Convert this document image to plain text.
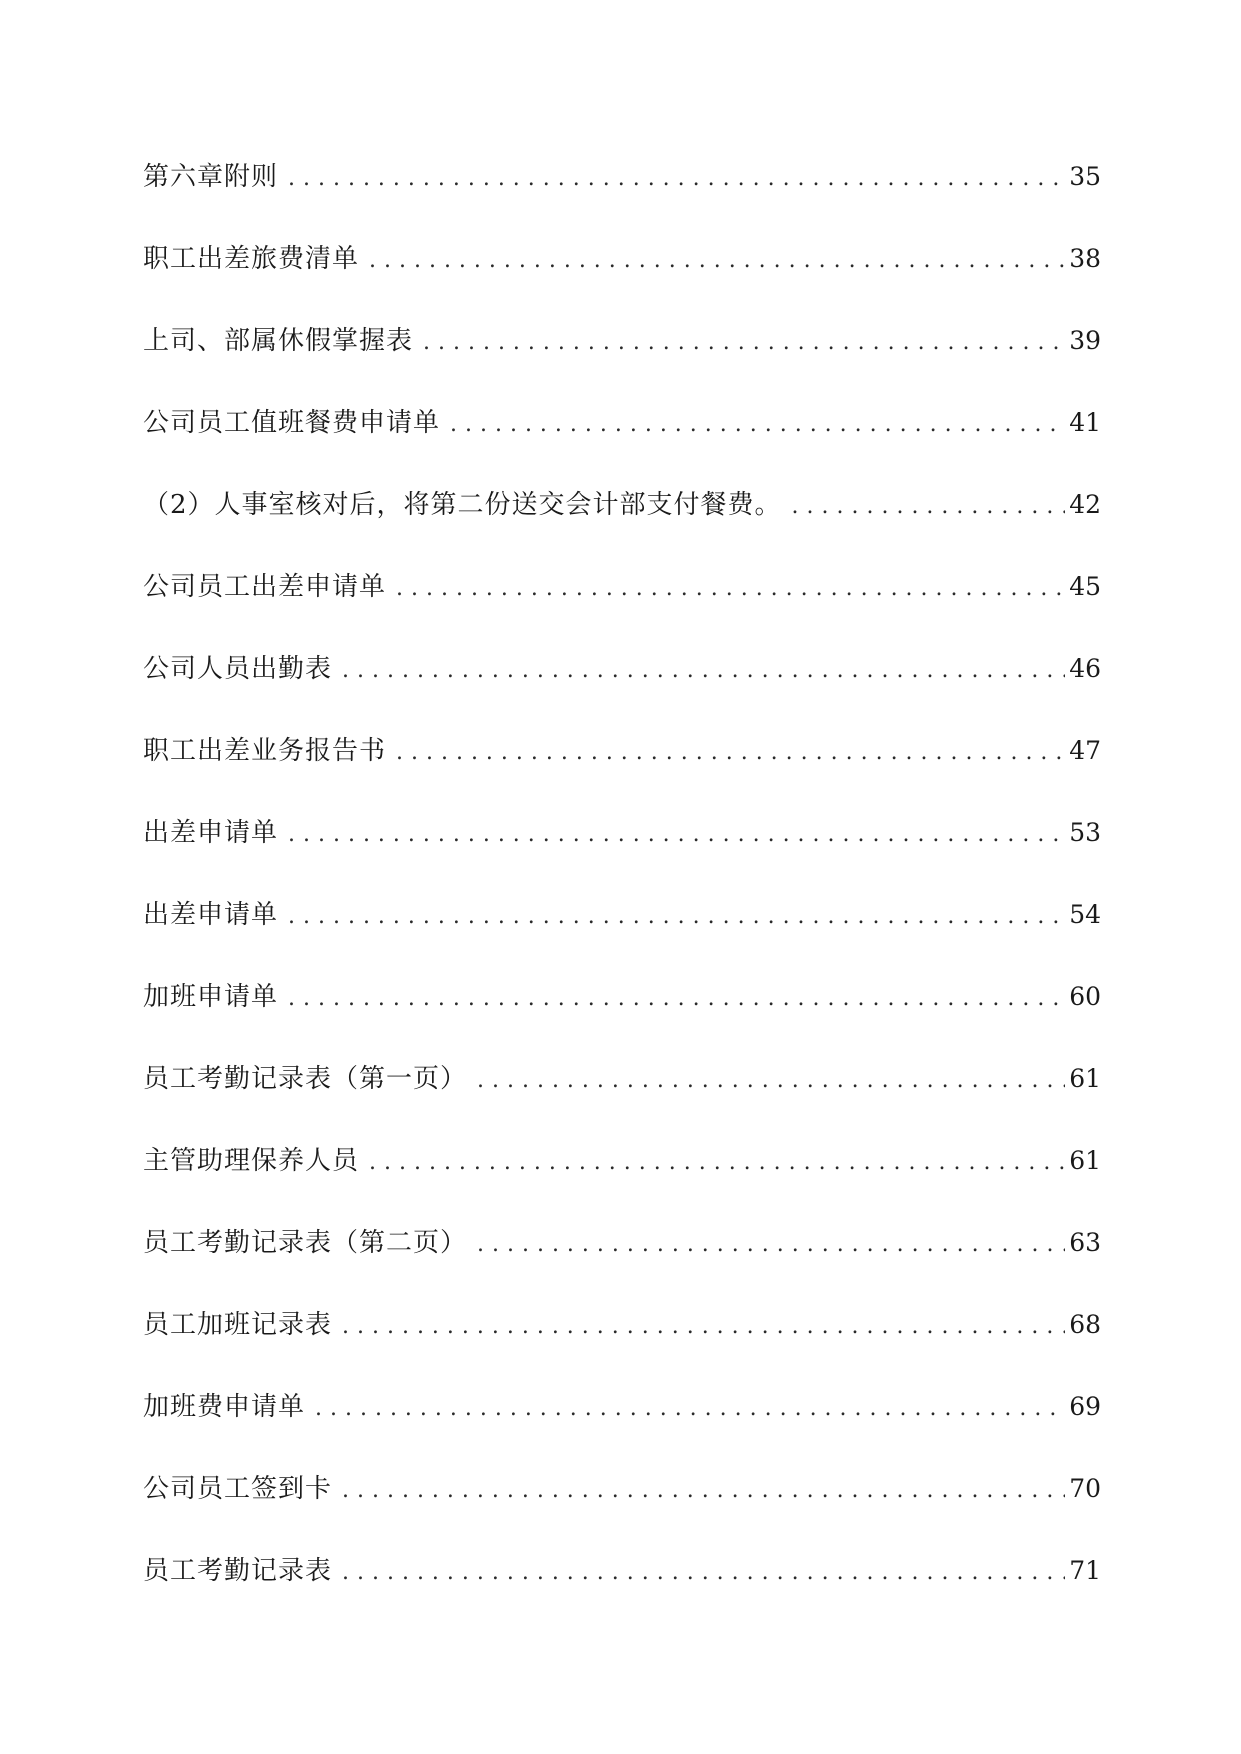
第六章附则 . . .	35
职工出差旅费清单 . . .	38
上司、部属休假掌握表 . . .	39
公司员工值班餐费申请单 . . .	41
（2）人事室核对后，将第二份送交会计部支付餐费。 . . .	42
公司员工出差申请单 . . .	45
公司人员出勤表 . . .	46
职工出差业务报告书 . . .	47
出差申请单 . . .	53
出差申请单 . . .	54
加班申请单 . . .	60
员工考勤记录表（第一页） . . .	61
主管助理保养人员 . . .	61
员工考勤记录表（第二页） . . .	63
员工加班记录表 . . .	68
加班费申请单 . . .	69
公司员工签到卡 . . .	70
员工考勤记录表 . . .	71
